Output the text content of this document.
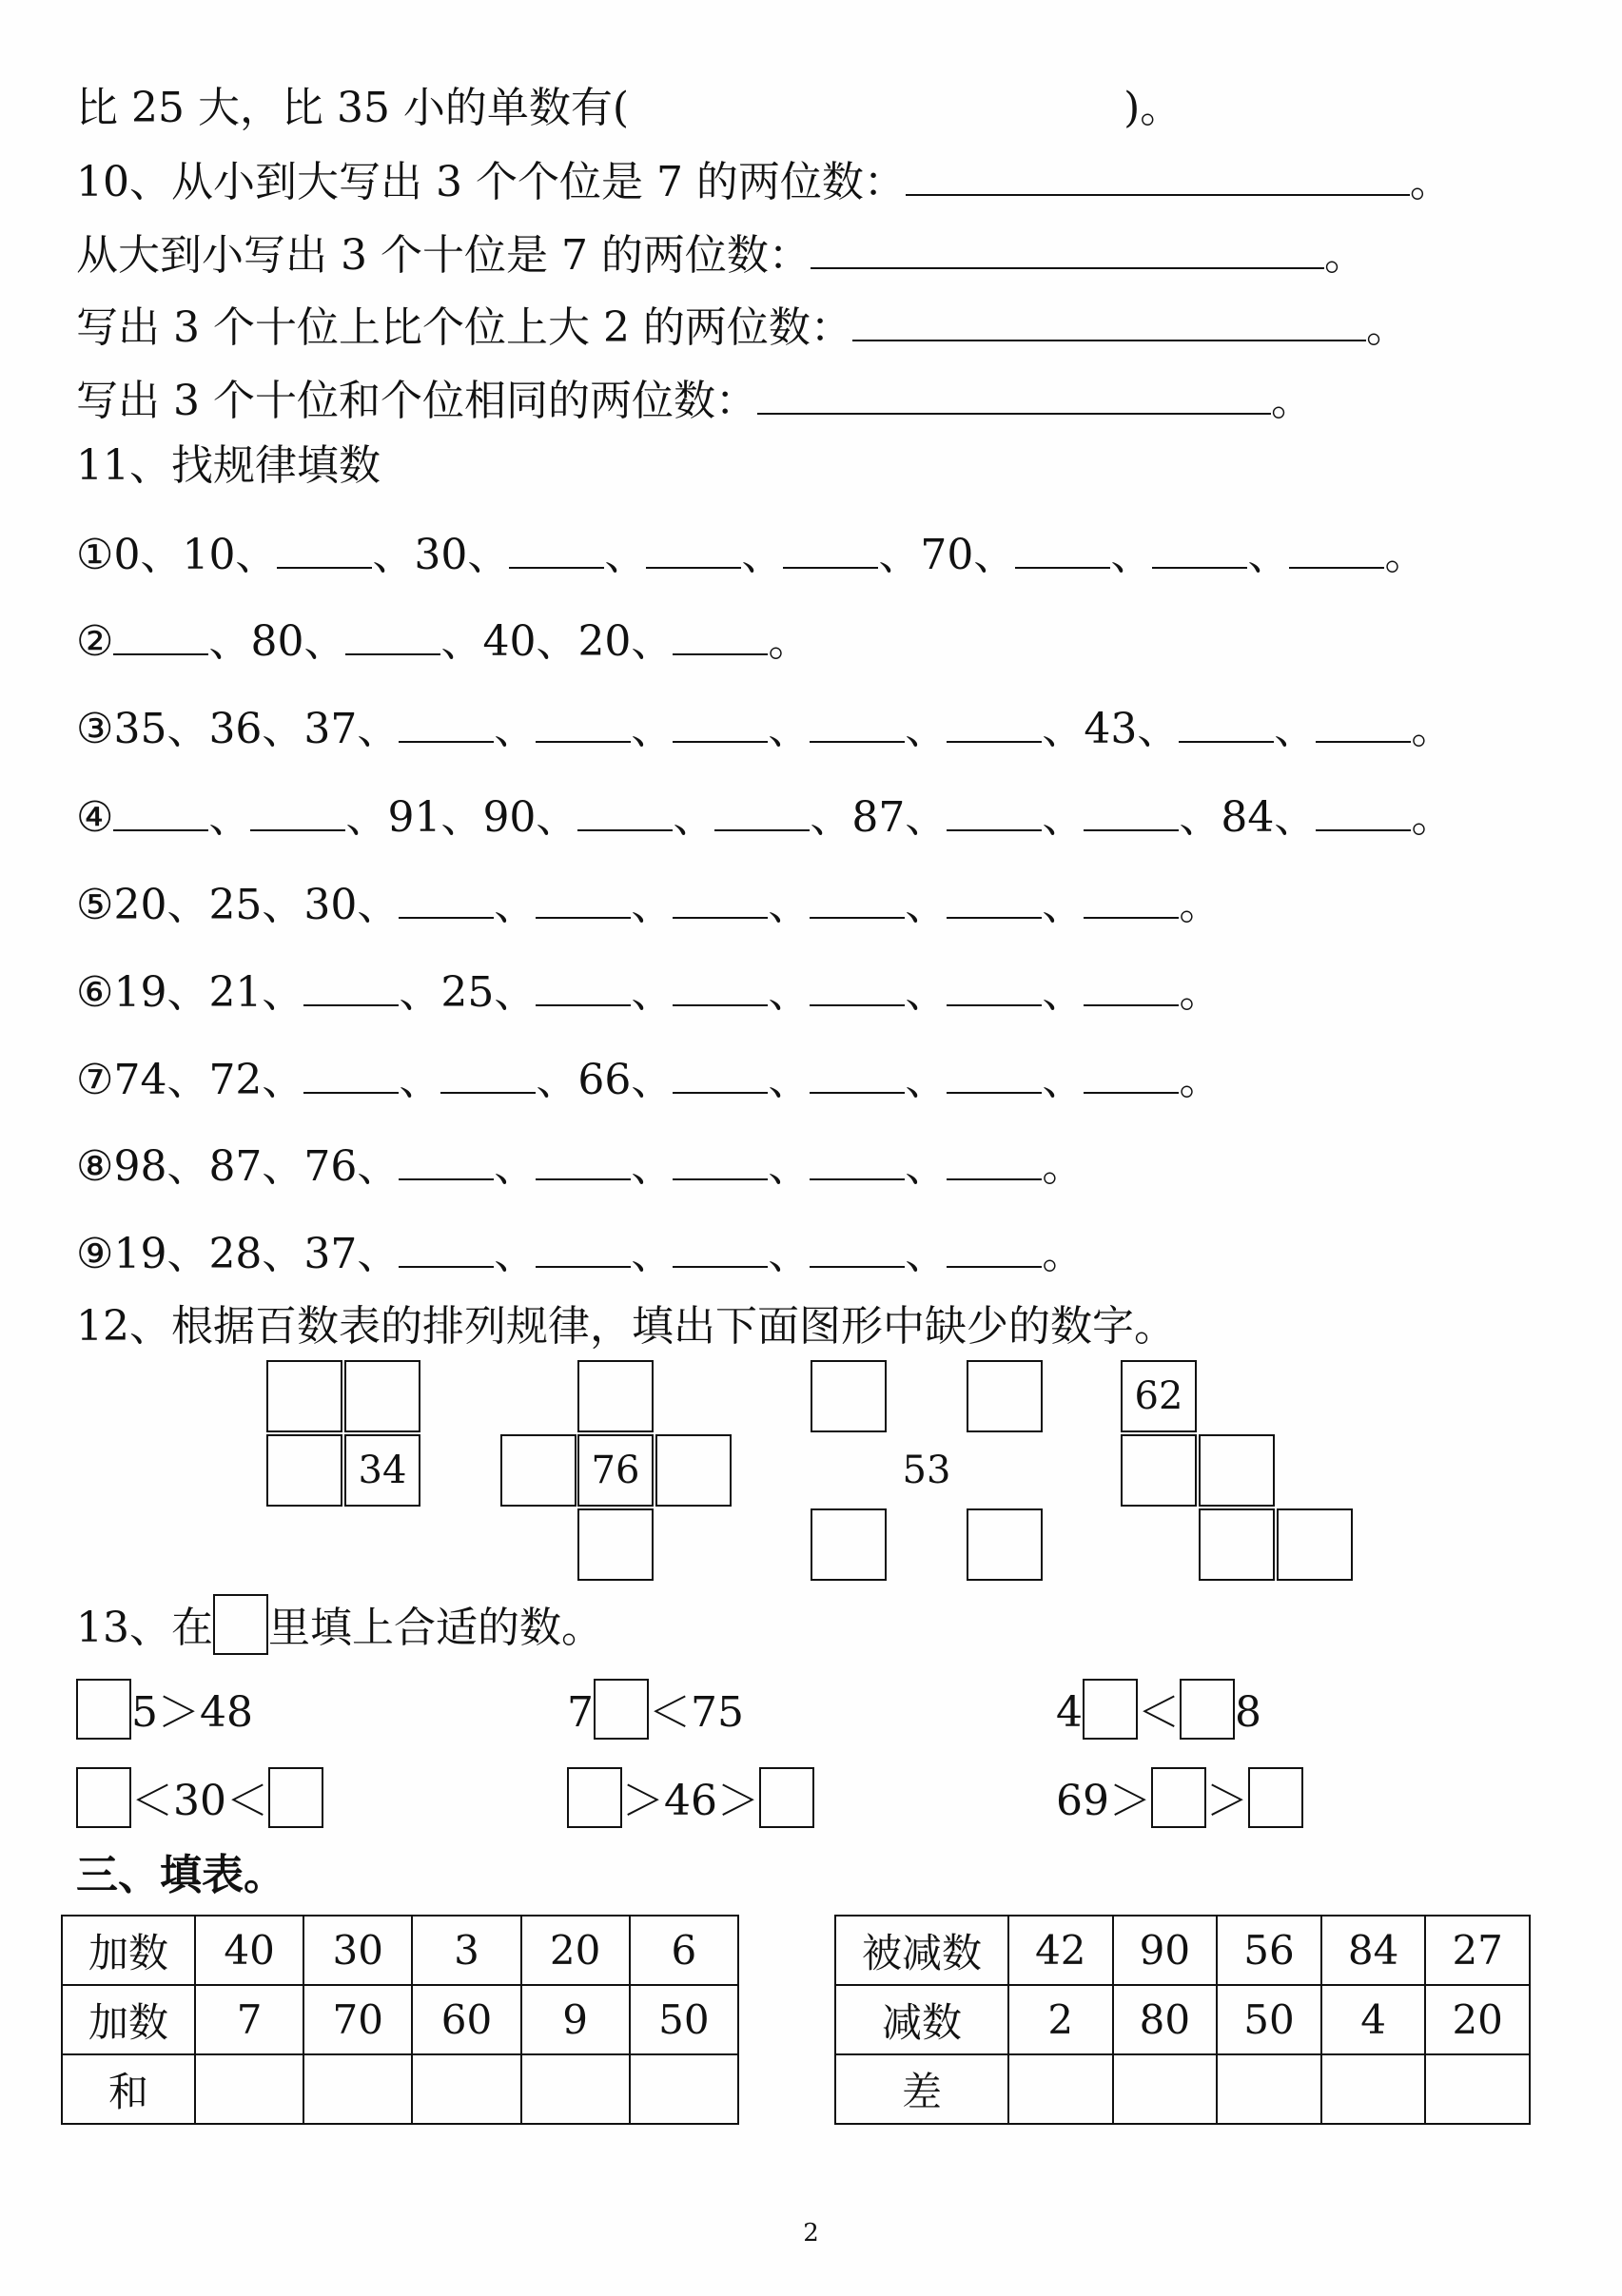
比 25 大，比 35 小的单数有(	)。
10、从小到大写出 3 个个位是 7 的两位数：	。
从大到小写出 3 个十位是 7 的两位数：	。
写出 3 个十位上比个位上大 2 的两位数：	。
写出 3 个十位和个位相同的两位数：	。
11、找规律填数
①0、10、 、30、 、 、 、70、 、 、 。
② 、80、 、40、20、 。
③35、36、37、 、 、 、 、 、43、 、 。
④ 、 、91、90、 、 、87、 、 、84、 。
⑤20、25、30、 、 、 、 、 、 。
⑥19、21、 、25、 、 、 、 、 。
⑦74、72、 、 、66、 、 、 、 。
⑧98、87、76、 、 、 、 、 。
⑨19、28、37、 、 、 、 、 。
12、根据百数表的排列规律，填出下面图形中缺少的数字。
34	76	53
62
13、在 里填上合适的数。
5＞48	7 ＜75	4 ＜ 8
＜30＜	＞46＞	69＞ ＞
三、填表。
加数	40	30	3	20	6
加数	7	70	60	9	50
和					
被减数	42	90	56	84	27
减数	2	80	50	4	20
差					
2
